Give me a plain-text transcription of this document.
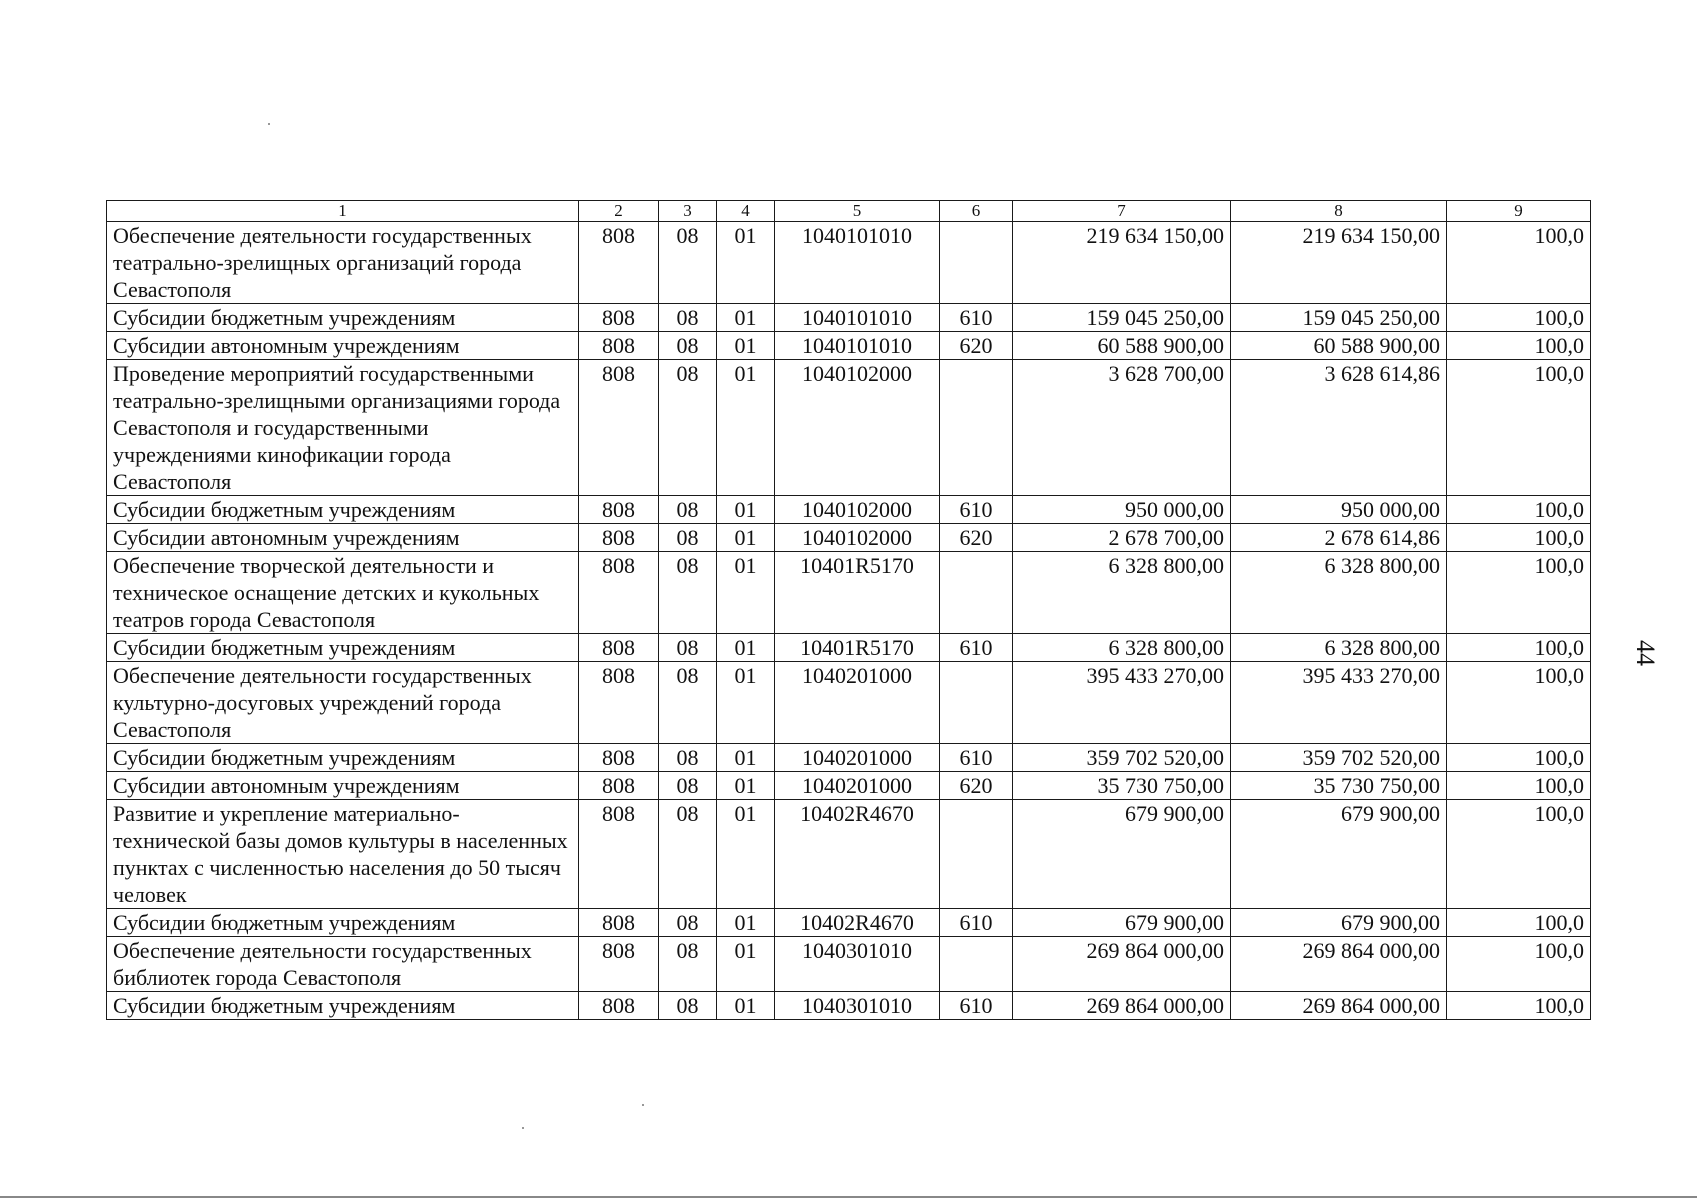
1	2	3	4	5	6	7	8	9
Обеспечение деятельности государственных театрально-зрелищных организаций города Севастополя	808	08	01	1040101010		219 634 150,00	219 634 150,00	100,0
Субсидии бюджетным учреждениям	808	08	01	1040101010	610	159 045 250,00	159 045 250,00	100,0
Субсидии автономным учреждениям	808	08	01	1040101010	620	60 588 900,00	60 588 900,00	100,0
Проведение мероприятий государственными театрально-зрелищными организациями города Севастополя и государственными учреждениями кинофикации города Севастополя	808	08	01	1040102000		3 628 700,00	3 628 614,86	100,0
Субсидии бюджетным учреждениям	808	08	01	1040102000	610	950 000,00	950 000,00	100,0
Субсидии автономным учреждениям	808	08	01	1040102000	620	2 678 700,00	2 678 614,86	100,0
Обеспечение творческой деятельности и техническое оснащение детских и кукольных театров города Севастополя	808	08	01	10401R5170		6 328 800,00	6 328 800,00	100,0
Субсидии бюджетным учреждениям	808	08	01	10401R5170	610	6 328 800,00	6 328 800,00	100,0
Обеспечение деятельности государственных культурно-досуговых учреждений города Севастополя	808	08	01	1040201000		395 433 270,00	395 433 270,00	100,0
Субсидии бюджетным учреждениям	808	08	01	1040201000	610	359 702 520,00	359 702 520,00	100,0
Субсидии автономным учреждениям	808	08	01	1040201000	620	35 730 750,00	35 730 750,00	100,0
Развитие и укрепление материально-технической базы домов культуры в населенных пунктах с численностью населения до 50 тысяч человек	808	08	01	10402R4670		679 900,00	679 900,00	100,0
Субсидии бюджетным учреждениям	808	08	01	10402R4670	610	679 900,00	679 900,00	100,0
Обеспечение деятельности государственных библиотек города Севастополя	808	08	01	1040301010		269 864 000,00	269 864 000,00	100,0
Субсидии бюджетным учреждениям	808	08	01	1040301010	610	269 864 000,00	269 864 000,00	100,0
44
